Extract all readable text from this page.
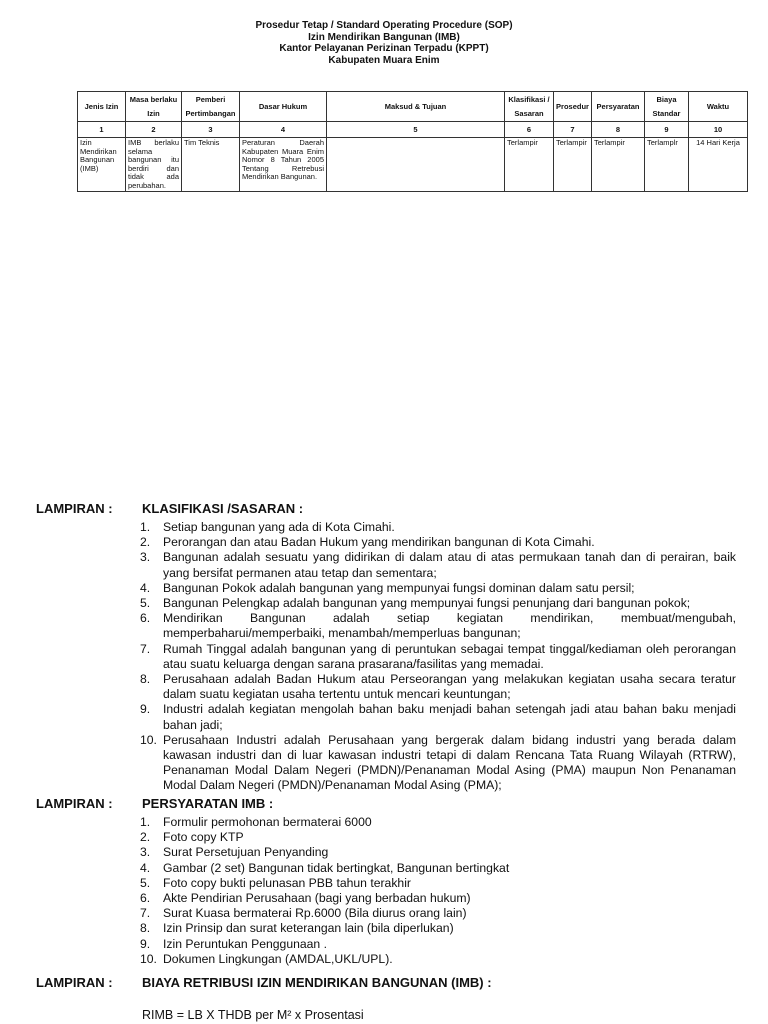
Prosedur Tetap / Standard Operating Procedure (SOP)
Izin Mendirikan Bangunan (IMB)
Kantor Pelayanan Perizinan Terpadu (KPPT)
Kabupaten Muara Enim
Jenis Izin	Masa berlaku Izin	Pemberi Pertimbangan	Dasar Hukum	Maksud & Tujuan	Klasifikasi / Sasaran	Prosedur	Persyaratan	Biaya Standar	Waktu
1	2	3	4	5	6	7	8	9	10
Izin Mendirikan Bangunan (IMB)	IMB berlaku selama bangunan itu berdiri dan tidak ada perubahan.	Tim Teknis	Peraturan Daerah Kabupaten Muara Enim Nomor 8 Tahun 2005 Tentang Retrebusi Mendirikan Bangunan.		Terlampir	Terlampir	Terlampir	Terlamplr	14 Hari Kerja
LAMPIRAN : KLASIFIKASI /SASARAN :
1.	Setiap bangunan yang ada di Kota Cimahi.
2.	Perorangan dan atau Badan Hukum yang mendirikan bangunan di Kota Cimahi.
3.	Bangunan adalah sesuatu yang didirikan di dalam atau di atas permukaan tanah dan di perairan, baik yang bersifat permanen atau tetap dan sementara;
4.	Bangunan Pokok adalah bangunan yang mempunyai fungsi dominan dalam satu persil;
5.	Bangunan Pelengkap adalah bangunan yang mempunyai fungsi penunjang dari bangunan pokok;
6.	Mendirikan Bangunan adalah setiap kegiatan mendirikan, membuat/mengubah, memperbaharui/memperbaiki, menambah/memperluas bangunan;
7.	Rumah Tinggal adalah bangunan yang di peruntukan sebagai tempat tinggal/kediaman oleh perorangan atau suatu keluarga dengan sarana prasarana/fasilitas yang memadai.
8.	Perusahaan adalah Badan Hukum atau Perseorangan yang melakukan kegiatan usaha secara teratur dalam suatu kegiatan usaha tertentu untuk mencari keuntungan;
9.	Industri adalah kegiatan mengolah bahan baku menjadi bahan setengah jadi atau bahan baku menjadi bahan jadi;
10. Perusahaan Industri adalah Perusahaan yang bergerak dalam bidang industri yang berada dalam kawasan industri dan di luar kawasan industri tetapi di dalam Rencana Tata Ruang Wilayah (RTRW), Penanaman Modal Dalam Negeri (PMDN)/Penanaman Modal Asing (PMA) maupun Non Penanaman Modal Dalam Negeri (PMDN)/Penanaman Modal Asing (PMA);
LAMPIRAN : PERSYARATAN IMB :
1.	Formulir permohonan bermaterai 6000
2.	Foto copy KTP
3.	Surat Persetujuan Penyanding
4.	Gambar (2 set) Bangunan tidak bertingkat, Bangunan bertingkat
5.	Foto copy bukti pelunasan PBB tahun terakhir
6.	Akte Pendirian Perusahaan (bagi yang berbadan hukum)
7.	Surat Kuasa bermaterai Rp.6000 (Bila diurus orang lain)
8.	Izin Prinsip dan surat keterangan lain (bila diperlukan)
9.	Izin Peruntukan Penggunaan .
10. Dokumen Lingkungan (AMDAL,UKL/UPL).
LAMPIRAN : BIAYA RETRIBUSI IZIN MENDIRIKAN BANGUNAN (IMB) :
RIMB = LB X THDB per M² x Prosentasi
